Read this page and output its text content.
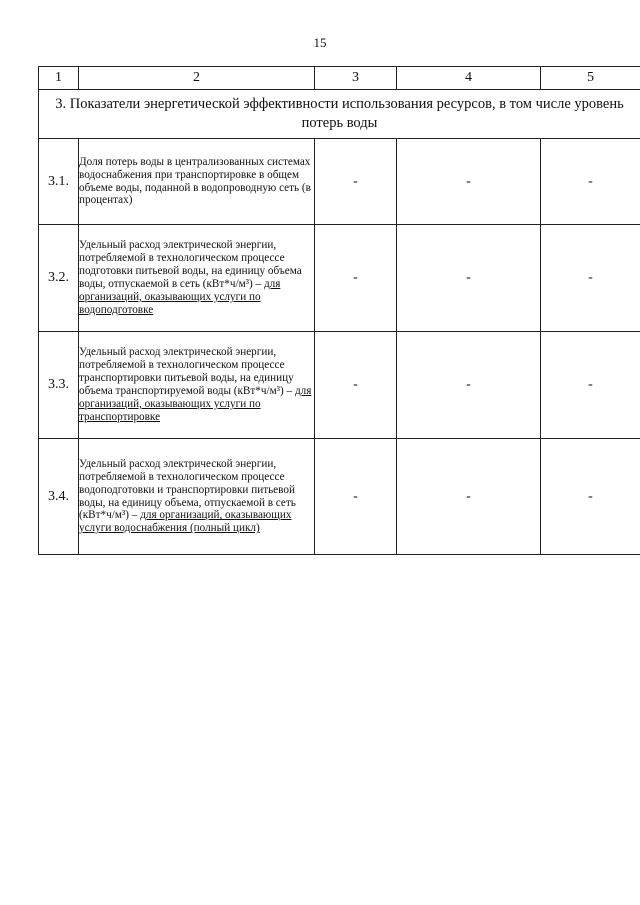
15
1	2	3	4	5
3. Показатели энергетической эффективности использования ресурсов, в том числе уровень потерь воды				
3.1.	Доля потерь воды в централизованных системах водоснабжения при транспортировке в общем объеме воды, поданной в водопроводную сеть (в процентах)	-	-	-
3.2.	Удельный расход электрической энергии, потребляемой в технологическом процессе подготовки питьевой воды, на единицу объема воды, отпускаемой в сеть (кВт*ч/м³) – для организаций, оказывающих услуги по водоподготовке	-	-	-
3.3.	Удельный расход электрической энергии, потребляемой в технологическом процессе транспортировки питьевой воды, на единицу объема транспортируемой воды (кВт*ч/м³) – для организаций, оказывающих услуги по транспортировке	-	-	-
3.4.	Удельный расход электрической энергии, потребляемой в технологическом процессе водоподготовки и транспортировки питьевой воды, на единицу объема, отпускаемой в сеть (кВт*ч/м³) – для организаций, оказывающих услуги водоснабжения (полный цикл)	-	-	-
